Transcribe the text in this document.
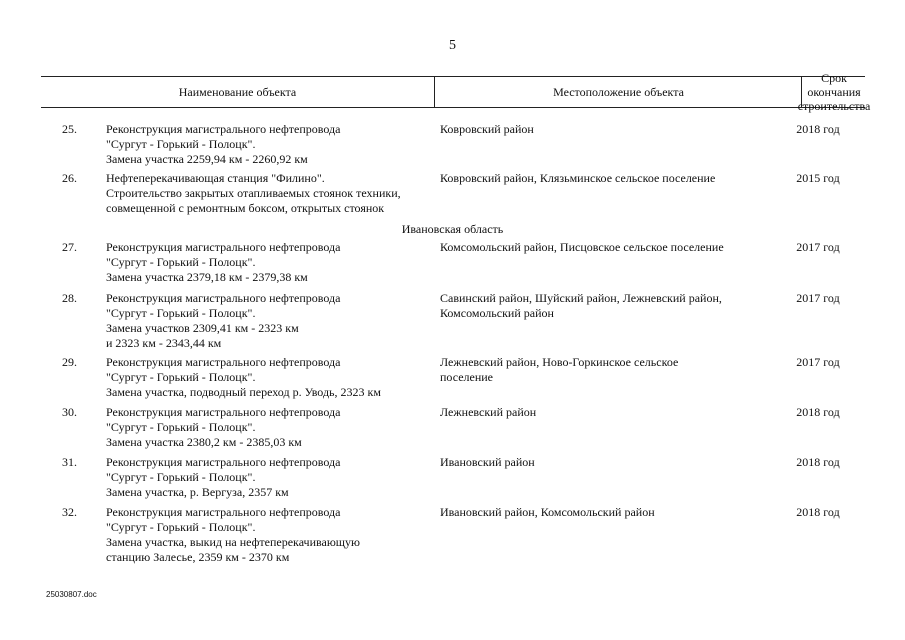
5
Наименование объекта	Местоположение объекта
Срок окончания
строительства
25.	Реконструкция магистрального нефтепровода
"Сургут - Горький - Полоцк".
Замена участка 2259,94 км - 2260,92 км
Ковровский район	2018 год
26.	Нефтеперекачивающая станция "Филино".
Строительство закрытых отапливаемых стоянок техники,
совмещенной с ремонтным боксом, открытых стоянок
Ковровский район, Клязьминское сельское поселение	2015 год
Ивановская область
27.	Реконструкция магистрального нефтепровода
"Сургут - Горький - Полоцк".
Замена участка 2379,18 км - 2379,38 км
Комсомольский район, Писцовское сельское поселение	2017 год
28.	Реконструкция магистрального нефтепровода
"Сургут - Горький - Полоцк".
Замена участков 2309,41 км - 2323 км
и 2323 км - 2343,44 км
Савинский район, Шуйский район, Лежневский район,
Комсомольский район
2017 год
29.	Реконструкция магистрального нефтепровода
"Сургут - Горький - Полоцк".
Замена участка, подводный переход р. Уводь, 2323 км
Лежневский район, Ново-Горкинское сельское
поселение
2017 год
30.	Реконструкция магистрального нефтепровода
"Сургут - Горький - Полоцк".
Замена участка 2380,2 км - 2385,03 км
Лежневский район	2018 год
31.	Реконструкция магистрального нефтепровода
"Сургут - Горький - Полоцк".
Замена участка, р. Вергуза, 2357 км
Ивановский район	2018 год
32.	Реконструкция магистрального нефтепровода
"Сургут - Горький - Полоцк".
Замена участка, выкид на нефтеперекачивающую
станцию Залесье, 2359 км - 2370 км
Ивановский район, Комсомольский район	2018 год
25030807.doc
